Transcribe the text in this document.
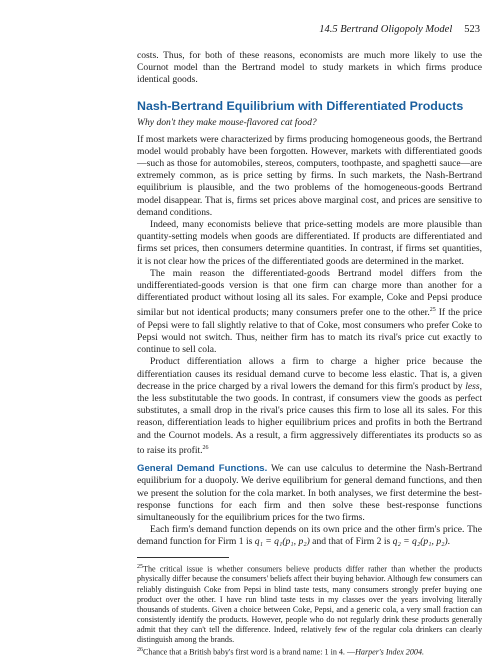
14.5 Bertrand Oligopoly Model 523

costs. Thus, for both of these reasons, economists are much more likely to use the Cournot model than the Bertrand model to study markets in which firms produce identical goods.

Nash-Bertrand Equilibrium with Differentiated Products
Why don't they make mouse-flavored cat food?

If most markets were characterized by firms producing homogeneous goods, the Bertrand model would probably have been forgotten. However, markets with differentiated goods—such as those for automobiles, stereos, computers, toothpaste, and spaghetti sauce—are extremely common, as is price setting by firms. In such markets, the Nash-Bertrand equilibrium is plausible, and the two problems of the homogeneous-goods Bertrand model disappear. That is, firms set prices above marginal cost, and prices are sensitive to demand conditions.

Indeed, many economists believe that price-setting models are more plausible than quantity-setting models when goods are differentiated. If products are differentiated and firms set prices, then consumers determine quantities. In contrast, if firms set quantities, it is not clear how the prices of the differentiated goods are determined in the market.

The main reason the differentiated-goods Bertrand model differs from the undifferentiated-goods version is that one firm can charge more than another for a differentiated product without losing all its sales. For example, Coke and Pepsi produce similar but not identical products; many consumers prefer one to the other.$^{25}$ If the price of Pepsi were to fall slightly relative to that of Coke, most consumers who prefer Coke to Pepsi would not switch. Thus, neither firm has to match its rival's price cut exactly to continue to sell cola.

Product differentiation allows a firm to charge a higher price because the differentiation causes its residual demand curve to become less elastic. That is, a given decrease in the price charged by a rival lowers the demand for this firm's product by less, the less substitutable the two goods. In contrast, if consumers view the goods as perfect substitutes, a small drop in the rival's price causes this firm to lose all its sales. For this reason, differentiation leads to higher equilibrium prices and profits in both the Bertrand and the Cournot models. As a result, a firm aggressively differentiates its products so as to raise its profit.$^{26}$

General Demand Functions. We can use calculus to determine the Nash-Bertrand equilibrium for a duopoly. We derive equilibrium for general demand functions, and then we present the solution for the cola market. In both analyses, we first determine the best-response functions for each firm and then solve these best-response functions simultaneously for the equilibrium prices for the two firms.

Each firm's demand function depends on its own price and the other firm's price. The demand function for Firm 1 is q₁ = q₁(p₁, p₂) and that of Firm 2 is q₂ = q₂(p₁, p₂).

$^{25}$The critical issue is whether consumers believe products differ rather than whether the products physically differ because the consumers' beliefs affect their buying behavior. Although few consumers can reliably distinguish Coke from Pepsi in blind taste tests, many consumers strongly prefer buying one product over the other. I have run blind taste tests in my classes over the years involving literally thousands of students. Given a choice between Coke, Pepsi, and a generic cola, a very small fraction can consistently identify the products. However, people who do not regularly drink these products generally admit that they can't tell the difference. Indeed, relatively few of the regular cola drinkers can clearly distinguish among the brands.

$^{26}$Chance that a British baby's first word is a brand name: 1 in 4. —Harper's Index 2004.
